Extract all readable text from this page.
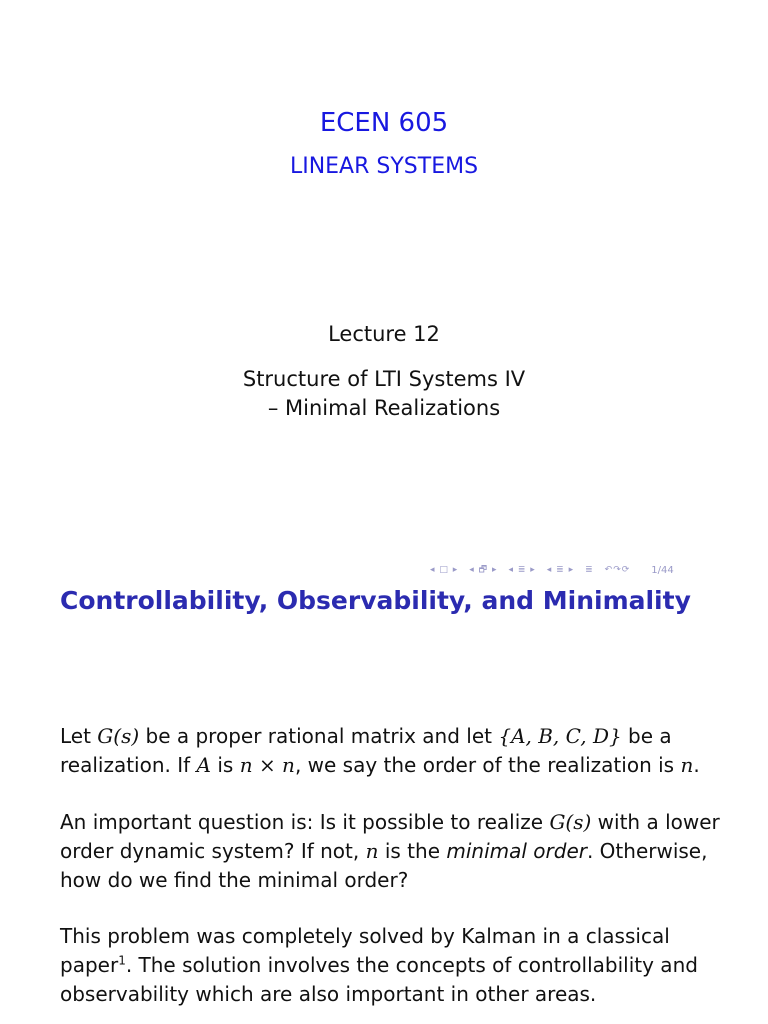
ECEN 605
LINEAR SYSTEMS
Lecture 12
Structure of LTI Systems IV
– Minimal Realizations
◂ □ ▸ ◂ 🗗 ▸ ◂ ≣ ▸ ◂ ≣ ▸ ≣ ↶↷⟳ 1/44
Controllability, Observability, and Minimality

Let G(s) be a proper rational matrix and let {A, B, C, D} be a realization. If A is n × n, we say the order of the realization is n.

An important question is: Is it possible to realize G(s) with a lower order dynamic system? If not, n is the minimal order. Otherwise, how do we find the minimal order?

This problem was completely solved by Kalman in a classical paper$^1$. The solution involves the concepts of controllability and observability which are also important in other areas.
